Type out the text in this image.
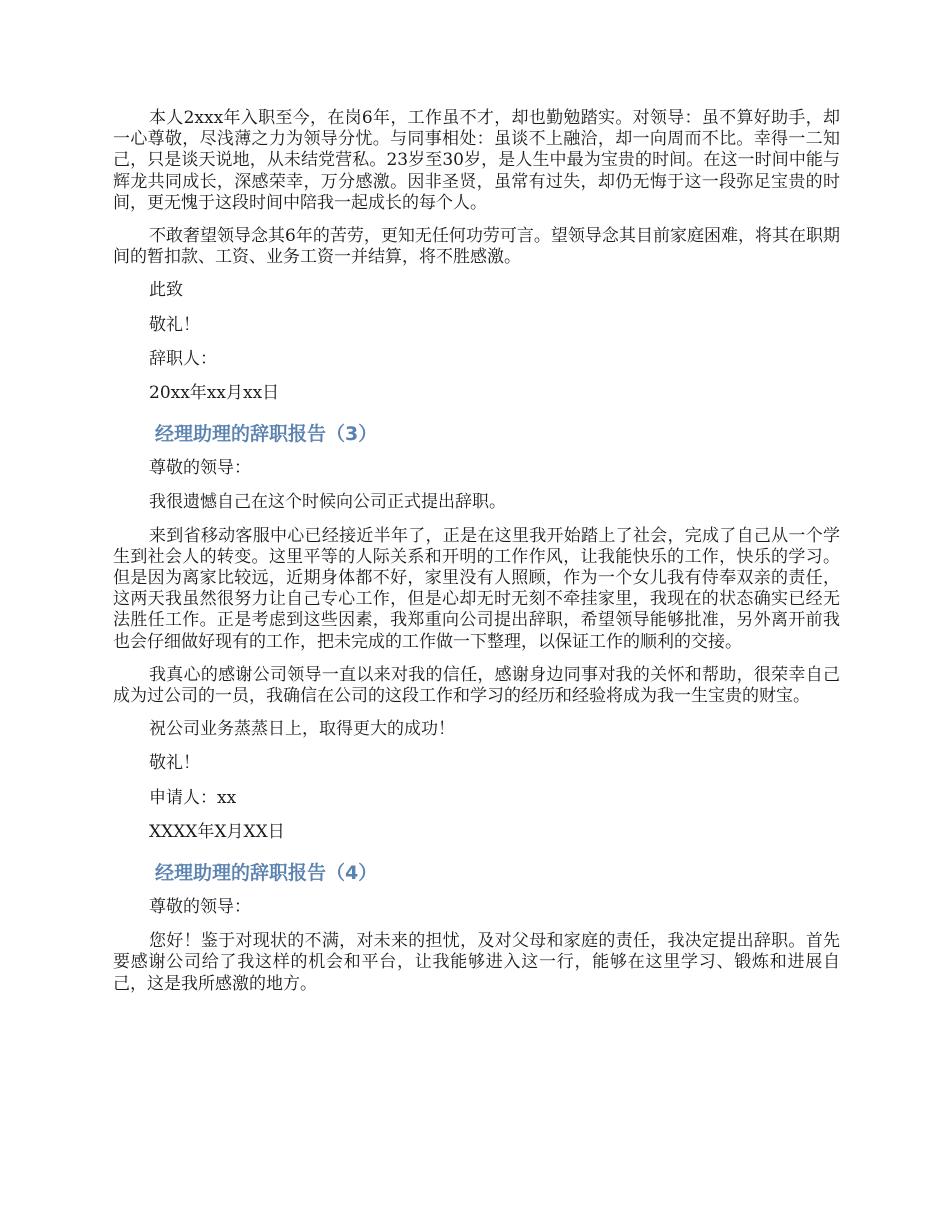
本人2xxx年入职至今，在岗6年，工作虽不才，却也勤勉踏实。对领导：虽不算好助手，却一心尊敬，尽浅薄之力为领导分忧。与同事相处：虽谈不上融洽，却一向周而不比。幸得一二知己，只是谈天说地，从未结党营私。23岁至30岁，是人生中最为宝贵的时间。在这一时间中能与辉龙共同成长，深感荣幸，万分感激。因非圣贤，虽常有过失，却仍无悔于这一段弥足宝贵的时间，更无愧于这段时间中陪我一起成长的每个人。

不敢奢望领导念其6年的苦劳，更知无任何功劳可言。望领导念其目前家庭困难，将其在职期间的暂扣款、工资、业务工资一并结算，将不胜感激。

此致

敬礼！

辞职人：

20xx年xx月xx日

经理助理的辞职报告（3）

尊敬的领导：

我很遗憾自己在这个时候向公司正式提出辞职。

来到省移动客服中心已经接近半年了，正是在这里我开始踏上了社会，完成了自己从一个学生到社会人的转变。这里平等的人际关系和开明的工作作风，让我能快乐的工作，快乐的学习。但是因为离家比较远，近期身体都不好，家里没有人照顾，作为一个女儿我有侍奉双亲的责任，这两天我虽然很努力让自己专心工作，但是心却无时无刻不牵挂家里，我现在的状态确实已经无法胜任工作。正是考虑到这些因素，我郑重向公司提出辞职，希望领导能够批准，另外离开前我也会仔细做好现有的工作，把未完成的工作做一下整理，以保证工作的顺利的交接。

我真心的感谢公司领导一直以来对我的信任，感谢身边同事对我的关怀和帮助，很荣幸自己成为过公司的一员，我确信在公司的这段工作和学习的经历和经验将成为我一生宝贵的财宝。

祝公司业务蒸蒸日上，取得更大的成功！

敬礼！

申请人：xx

XXXX年X月XX日

经理助理的辞职报告（4）

尊敬的领导：

您好！鉴于对现状的不满，对未来的担忧，及对父母和家庭的责任，我决定提出辞职。首先要感谢公司给了我这样的机会和平台，让我能够进入这一行，能够在这里学习、锻炼和进展自己，这是我所感激的地方。
